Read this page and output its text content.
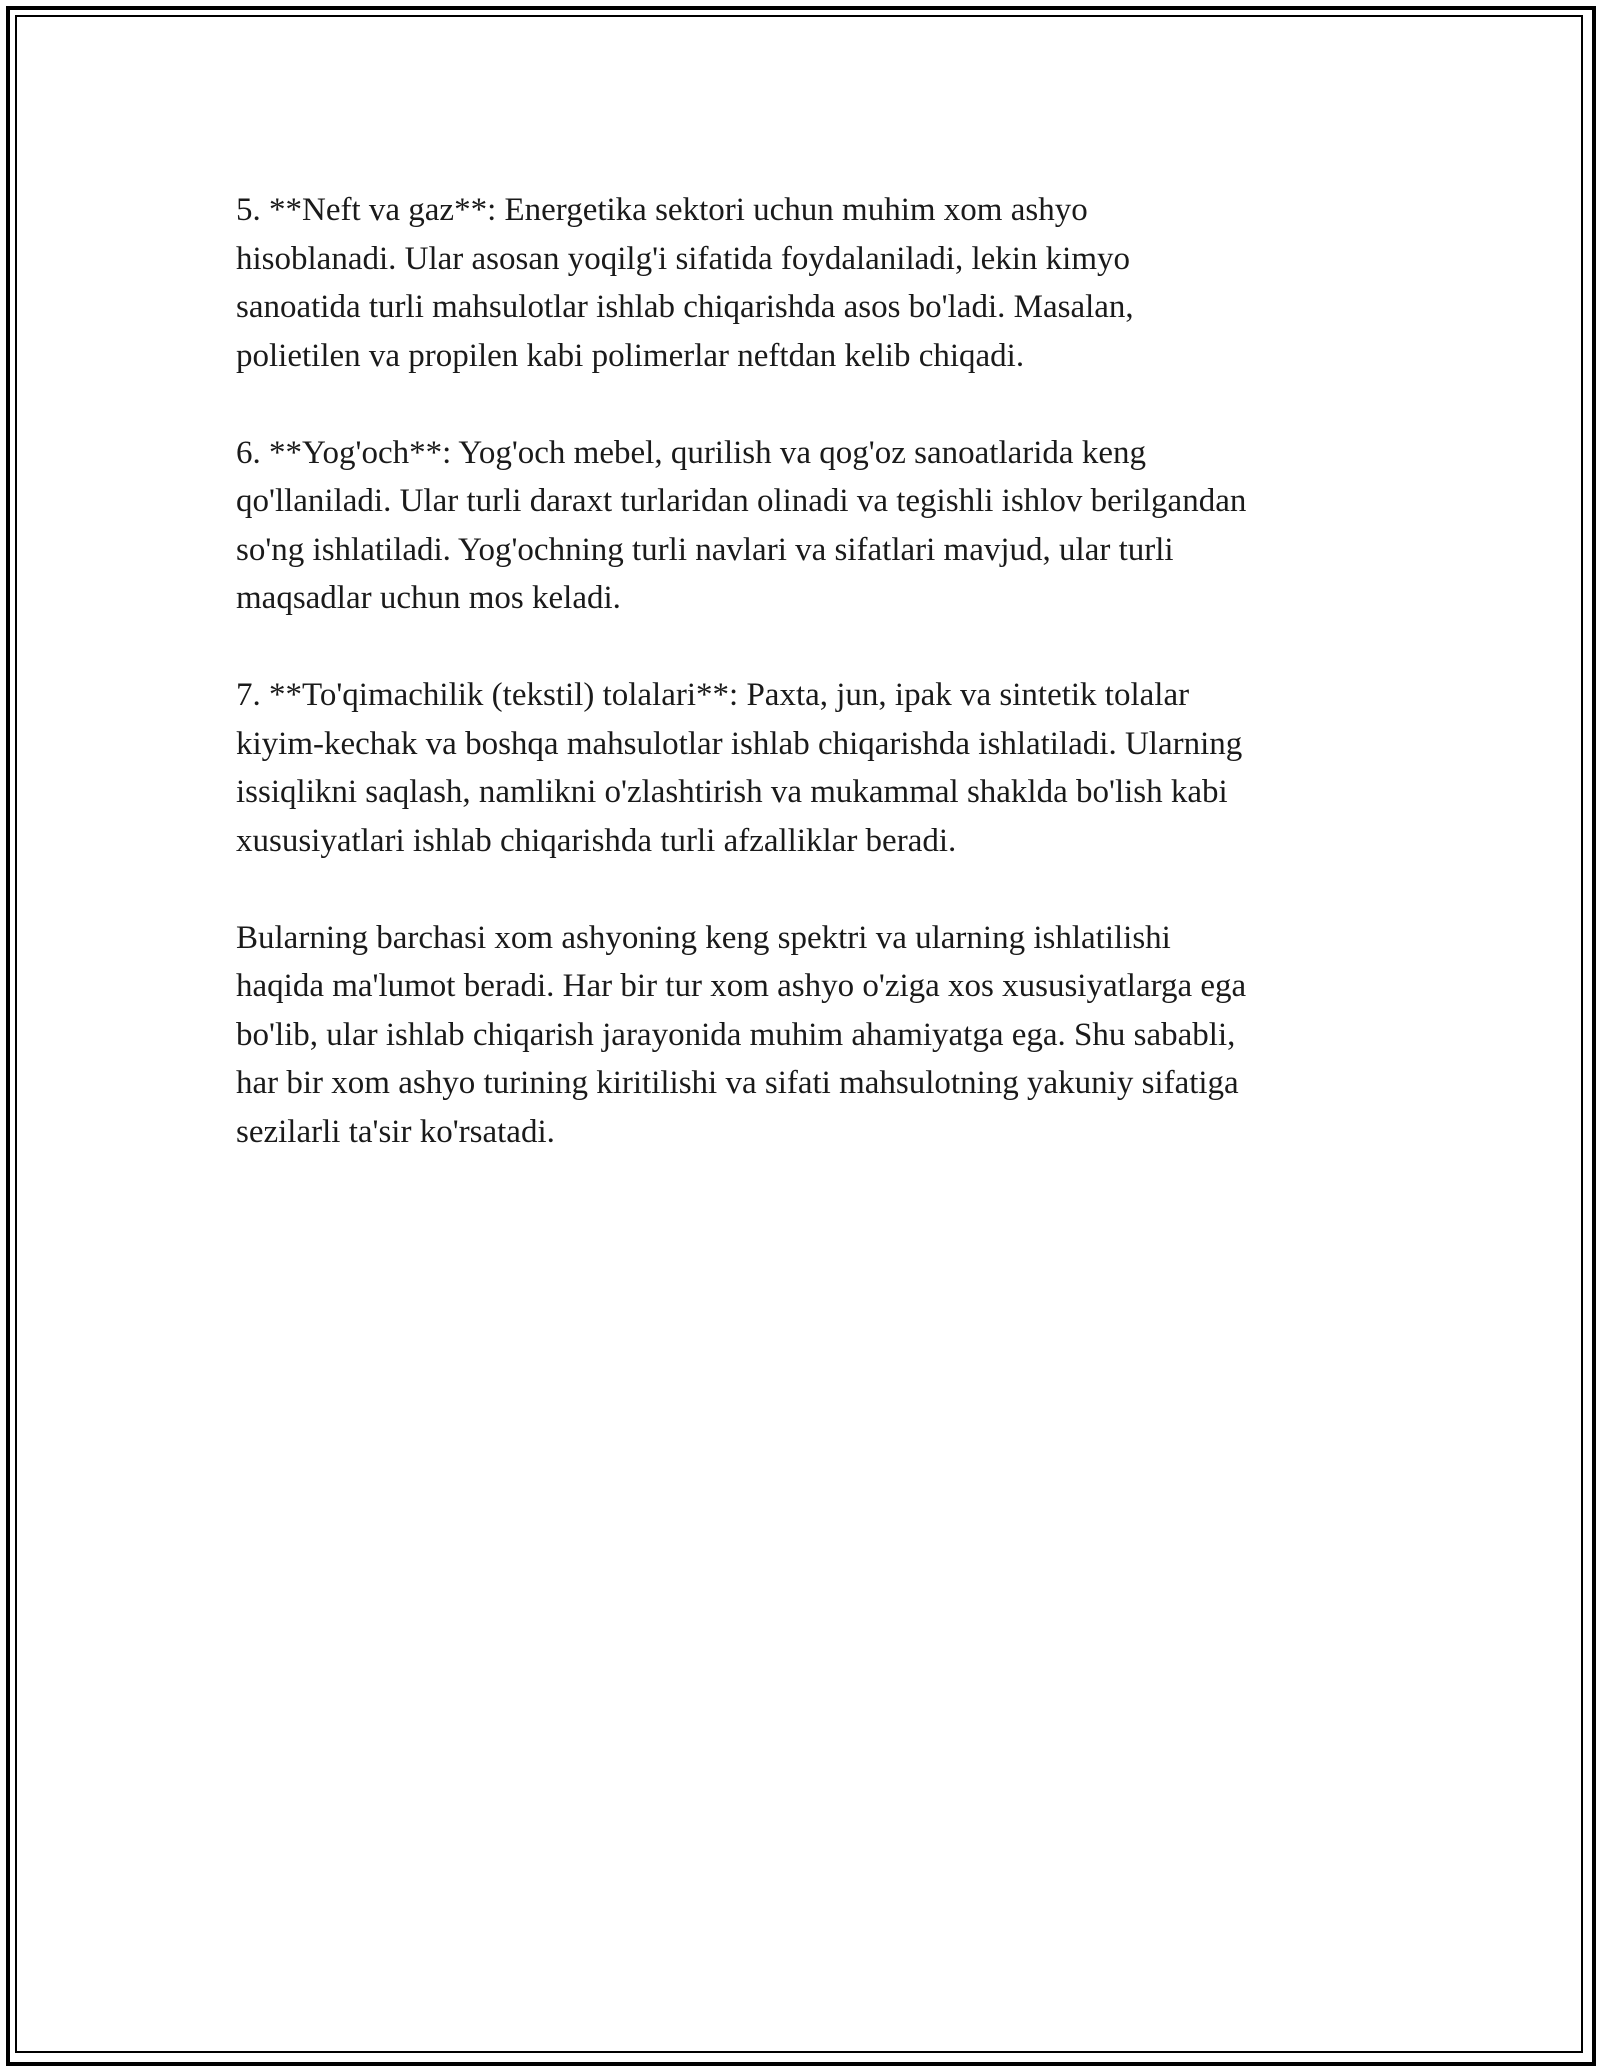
5. **Neft va gaz**: Energetika sektori uchun muhim xom ashyo
hisoblanadi. Ular asosan yoqilg'i sifatida foydalaniladi, lekin kimyo
sanoatida turli mahsulotlar ishlab chiqarishda asos bo'ladi. Masalan,
polietilen va propilen kabi polimerlar neftdan kelib chiqadi.

6. **Yog'och**: Yog'och mebel, qurilish va qog'oz sanoatlarida keng
qo'llaniladi. Ular turli daraxt turlaridan olinadi va tegishli ishlov berilgandan
so'ng ishlatiladi. Yog'ochning turli navlari va sifatlari mavjud, ular turli
maqsadlar uchun mos keladi.

7. **To'qimachilik (tekstil) tolalari**: Paxta, jun, ipak va sintetik tolalar
kiyim-kechak va boshqa mahsulotlar ishlab chiqarishda ishlatiladi. Ularning
issiqlikni saqlash, namlikni o'zlashtirish va mukammal shaklda bo'lish kabi
xususiyatlari ishlab chiqarishda turli afzalliklar beradi.

Bularning barchasi xom ashyoning keng spektri va ularning ishlatilishi
haqida ma'lumot beradi. Har bir tur xom ashyo o'ziga xos xususiyatlarga ega
bo'lib, ular ishlab chiqarish jarayonida muhim ahamiyatga ega. Shu sababli,
har bir xom ashyo turining kiritilishi va sifati mahsulotning yakuniy sifatiga
sezilarli ta'sir ko'rsatadi.
